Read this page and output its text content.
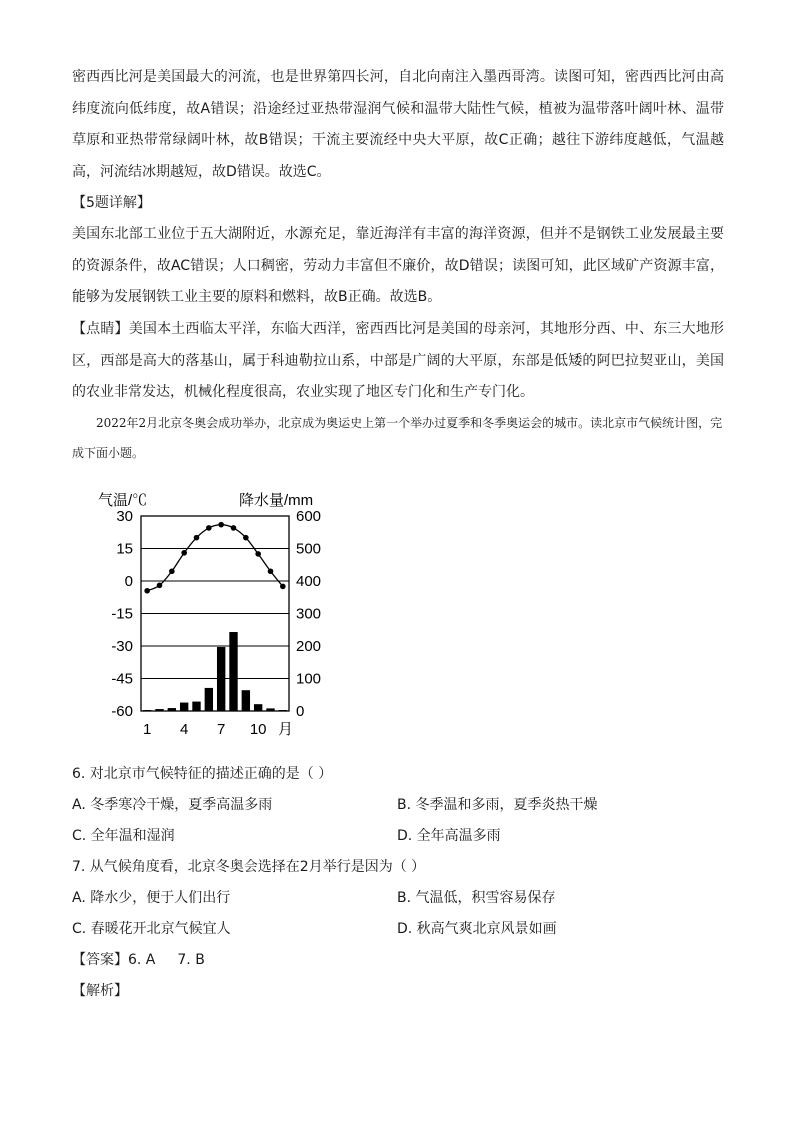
密西西比河是美国最大的河流，也是世界第四长河，自北向南注入墨西哥湾。读图可知，密西西比河由高纬度流向低纬度，故A错误；沿途经过亚热带湿润气候和温带大陆性气候，植被为温带落叶阔叶林、温带草原和亚热带常绿阔叶林，故B错误；干流主要流经中央大平原，故C正确；越往下游纬度越低，气温越高，河流结冰期越短，故D错误。故选C。

【5题详解】

美国东北部工业位于五大湖附近，水源充足，靠近海洋有丰富的海洋资源，但并不是钢铁工业发展最主要的资源条件，故AC错误；人口稠密，劳动力丰富但不廉价，故D错误；读图可知，此区域矿产资源丰富，能够为发展钢铁工业主要的原料和燃料，故B正确。故选B。

【点睛】美国本土西临太平洋，东临大西洋，密西西比河是美国的母亲河，其地形分西、中、东三大地形区，西部是高大的落基山，属于科迪勒拉山系，中部是广阔的大平原，东部是低矮的阿巴拉契亚山，美国的农业非常发达，机械化程度很高，农业实现了地区专门化和生产专门化。

2022年2月北京冬奥会成功举办，北京成为奥运史上第一个举办过夏季和冬季奥运会的城市。读北京市气候统计图，完成下面小题。

气温/℃	降水量/mm
30
15
0
-15
-30
-45
-60
600
500
400
300
200
100
0
1 4 7 10 月
6. 对北京市气候特征的描述正确的是（ ）
A. 冬季寒冷干燥，夏季高温多雨	B. 冬季温和多雨，夏季炎热干燥
C. 全年温和湿润	D. 全年高温多雨
7. 从气候角度看，北京冬奥会选择在2月举行是因为（ ）
A. 降水少，便于人们出行	B. 气温低，积雪容易保存
C. 春暖花开北京气候宜人	D. 秋高气爽北京风景如画
【答案】6. A 7. B
【解析】
